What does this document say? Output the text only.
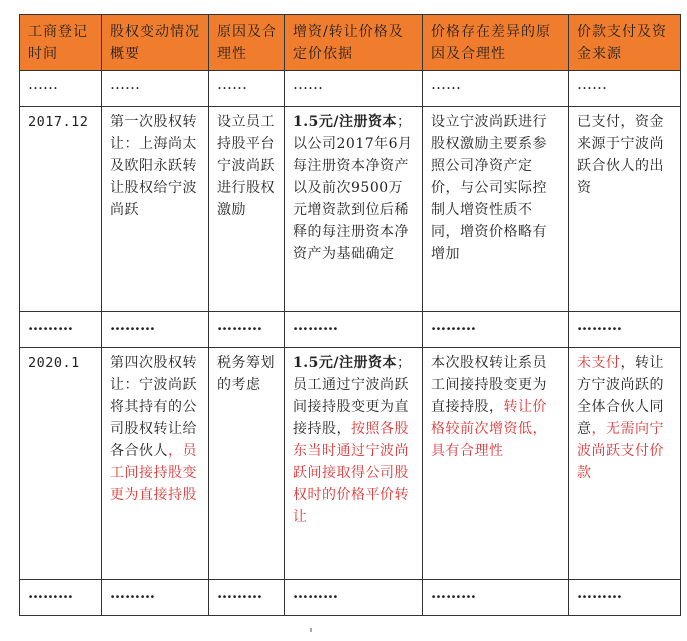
工商登记时间	股权变动情况概要	原因及合理性	增资/转让价格及定价依据	价格存在差异的原因及合理性	价款支付及资金来源
……	……	……	……	……	……
2017.12	第一次股权转让：上海尚太及欧阳永跃转让股权给宁波尚跃	设立员工持股平台宁波尚跃进行股权激励	1.5元/注册资本；以公司2017年6月每注册资本净资产以及前次9500万元增资款到位后稀释的每注册资本净资产为基础确定	设立宁波尚跃进行股权激励主要系参照公司净资产定价，与公司实际控制人增资性质不同，增资价格略有增加	已支付，资金来源于宁波尚跃合伙人的出资
………	………	………	………	………	………
2020.1	第四次股权转让：宁波尚跃将其持有的公司股权转让给各合伙人，员工间接持股变更为直接持股	税务筹划的考虑	1.5元/注册资本；员工通过宁波尚跃间接持股变更为直接持股，按照各股东当时通过宁波尚跃间接取得公司股权时的价格平价转让	本次股权转让系员工间接持股变更为直接持股，转让价格较前次增资低，具有合理性	未支付，转让方宁波尚跃的全体合伙人同意，无需向宁波尚跃支付价款
………	………	………	………	………	………
